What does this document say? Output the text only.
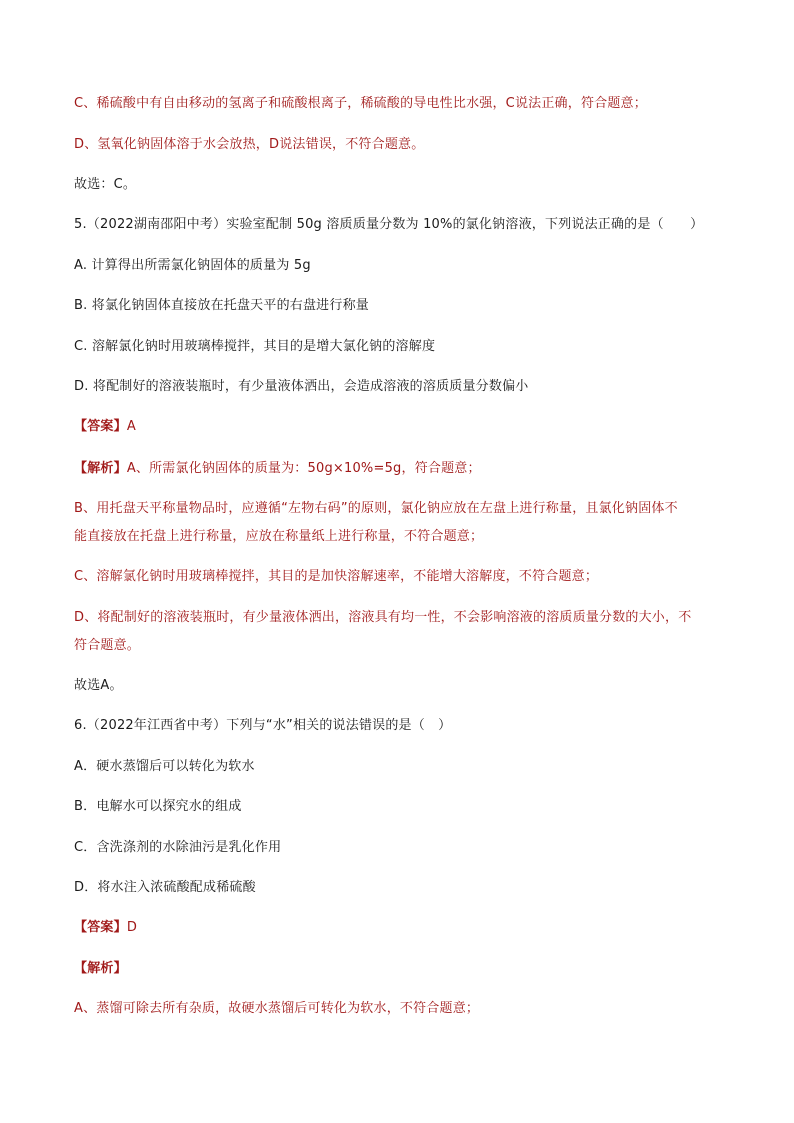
C、稀硫酸中有自由移动的氢离子和硫酸根离子，稀硫酸的导电性比水强，C说法正确，符合题意；
D、氢氧化钠固体溶于水会放热，D说法错误，不符合题意。
故选：C。
5.（2022湖南邵阳中考）实验室配制 50g 溶质质量分数为 10%的氯化钠溶液，下列说法正确的是（　　）
A. 计算得出所需氯化钠固体的质量为 5g
B. 将氯化钠固体直接放在托盘天平的右盘进行称量
C. 溶解氯化钠时用玻璃棒搅拌，其目的是增大氯化钠的溶解度
D. 将配制好的溶液装瓶时，有少量液体洒出，会造成溶液的溶质质量分数偏小
【答案】A
【解析】A、所需氯化钠固体的质量为：50g×10%=5g，符合题意；
B、用托盘天平称量物品时，应遵循“左物右码”的原则，氯化钠应放在左盘上进行称量，且氯化钠固体不
能直接放在托盘上进行称量，应放在称量纸上进行称量，不符合题意；
C、溶解氯化钠时用玻璃棒搅拌，其目的是加快溶解速率，不能增大溶解度，不符合题意；
D、将配制好的溶液装瓶时，有少量液体洒出，溶液具有均一性，不会影响溶液的溶质质量分数的大小，不
符合题意。
故选A。
6.（2022年江西省中考）下列与“水”相关的说法错误的是（　）
A．硬水蒸馏后可以转化为软水
B．电解水可以探究水的组成
C．含洗涤剂的水除油污是乳化作用
D．将水注入浓硫酸配成稀硫酸
【答案】D
【解析】
A、蒸馏可除去所有杂质，故硬水蒸馏后可转化为软水，不符合题意；
